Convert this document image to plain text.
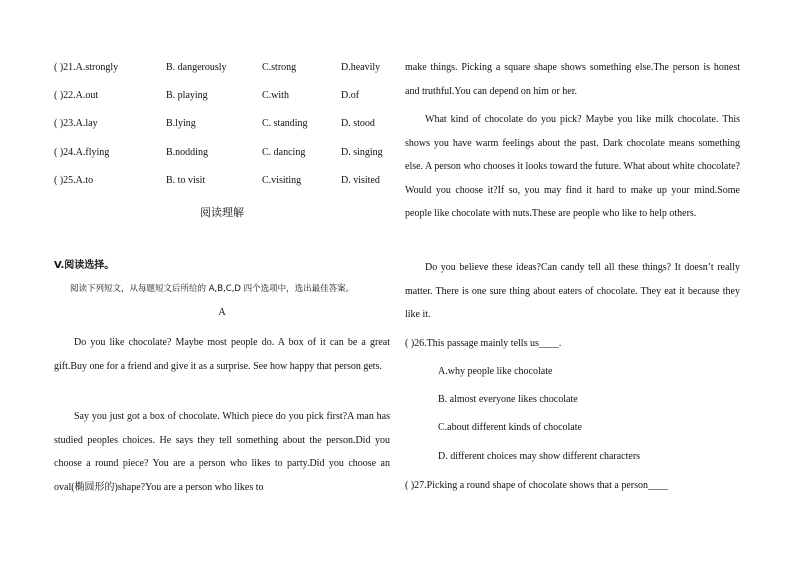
( )21.A.strongly	B. dangerously	C.strong	D.heavily
( )22.A.out	B. playing	C.with	D.of
( )23.A.lay	B.lying	C. standing	D. stood
( )24.A.flying	B.nodding	C. dancing	D. singing
( )25.A.to	B. to visit	C.visiting	D. visited
阅读理解
V.阅读选择。
阅读下列短文，从每题短文后所给的 A,B,C,D 四个选项中，选出最佳答案。
A

Do you like chocolate? Maybe most people do. A box of it can be a great gift.Buy one for a friend and give it as a surprise. See how happy that person gets.

Say you just got a box of chocolate. Which piece do you pick first?A man has studied peoples choices. He says they tell something about the person.Did you choose a round piece? You are a person who likes to party.Did you choose an oval(椭圆形的)shape?You are a person who likes to

make things. Picking a square shape shows something else.The person is honest and truthful.You can depend on him or her.

What kind of chocolate do you pick? Maybe you like milk chocolate. This shows you have warm feelings about the past. Dark chocolate means something else. A person who chooses it looks toward the future. What about white chocolate? Would you choose it?If so, you may find it hard to make up your mind.Some people like chocolate with nuts.These are people who like to help others.

Do you believe these ideas?Can candy tell all these things? It doesn’t really matter. There is one sure thing about eaters of chocolate. They eat it because they like it.

( )26.This passage mainly tells us____.
A.why people like chocolate
B. almost everyone likes chocolate
C.about different kinds of chocolate
D. different choices may show different characters
( )27.Picking a round shape of chocolate shows that a person____
